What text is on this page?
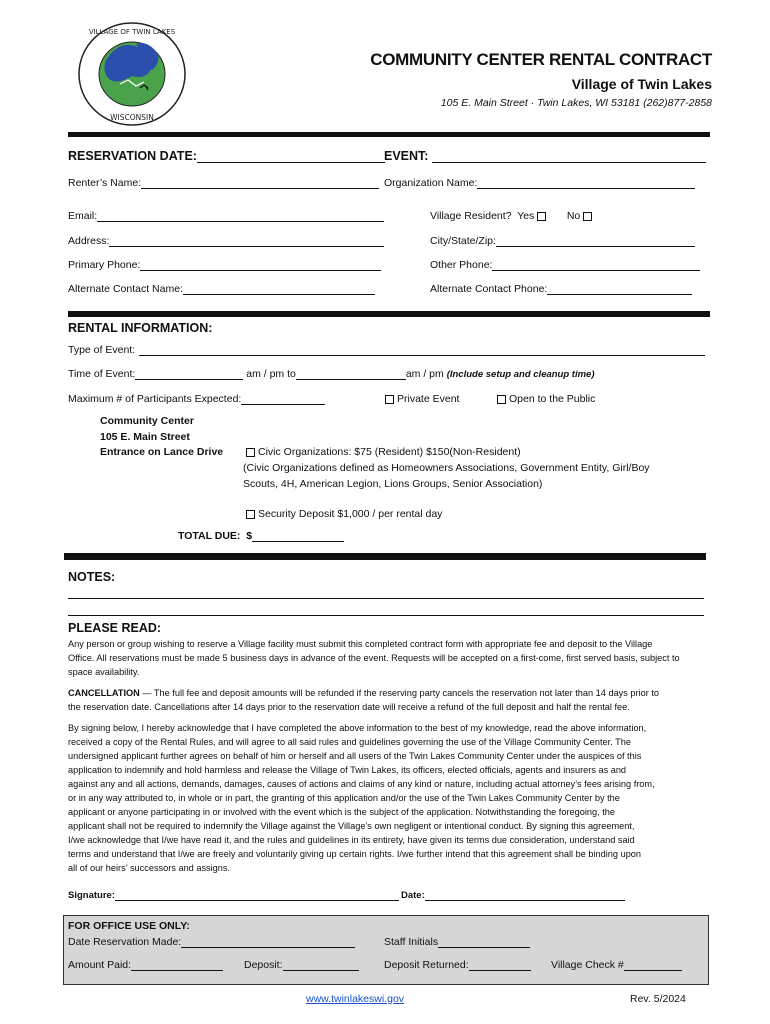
VILLAGE OF TWIN LAKES
WISCONSIN
COMMUNITY CENTER RENTAL CONTRACT
Village of Twin Lakes
105 E. Main Street · Twin Lakes, WI 53181 (262)877-2858
RESERVATION DATE:	EVENT:
Renter’s Name:	Organization Name:
Email:	Village Resident? Yes	No
Address:	City/State/Zip:
Primary Phone:	Other Phone:
Alternate Contact Name:	Alternate Contact Phone:
RENTAL INFORMATION:
Type of Event:
Time of Event:	am / pm to	am / pm (Include setup and cleanup time)
Maximum # of Participants Expected:	Private Event	Open to the Public
Community Center
105 E. Main Street
Entrance on Lance Drive	Civic Organizations: $75 (Resident) $150(Non-Resident)
(Civic Organizations defined as Homeowners Associations, Government Entity, Girl/Boy
Scouts, 4H, American Legion, Lions Groups, Senior Association)
Security Deposit $1,000 / per rental day
TOTAL DUE: $
NOTES:
PLEASE READ:
Any person or group wishing to reserve a Village facility must submit this completed contract form with appropriate fee and deposit to the Village
Office. All reservations must be made 5 business days in advance of the event. Requests will be accepted on a first-come, first served basis, subject to
space availability.
CANCELLATION — The full fee and deposit amounts will be refunded if the reserving party cancels the reservation not later than 14 days prior to
the reservation date. Cancellations after 14 days prior to the reservation date will receive a refund of the full deposit and half the rental fee.
By signing below, I hereby acknowledge that I have completed the above information to the best of my knowledge, read the above information,
received a copy of the Rental Rules, and will agree to all said rules and guidelines governing the use of the Village Community Center. The
undersigned applicant further agrees on behalf of him or herself and all users of the Twin Lakes Community Center under the auspices of this
application to indemnify and hold harmless and release the Village of Twin Lakes, its officers, elected officials, agents and insurers as and
against any and all actions, demands, damages, causes of actions and claims of any kind or nature, including actual attorney’s fees arising from,
or in any way attributed to, in whole or in part, the granting of this application and/or the use of the Twin Lakes Community Center by the
applicant or anyone participating in or involved with the event which is the subject of the application. Notwithstanding the foregoing, the
applicant shall not be required to indemnify the Village against the Village’s own negligent or intentional conduct. By signing this agreement,
I/we acknowledge that I/we have read it, and the rules and guidelines in its entirety, have given its terms due consideration, understand said
terms and understand that I/we are freely and voluntarily giving up certain rights. I/we further intend that this agreement shall be binding upon
all of our heirs’ successors and assigns.
Signature:	Date:
FOR OFFICE USE ONLY:
Date Reservation Made:	Staff Initials
Amount Paid:	Deposit:	Deposit Returned:	Village Check #
www.twinlakeswi.gov	Rev. 5/2024
